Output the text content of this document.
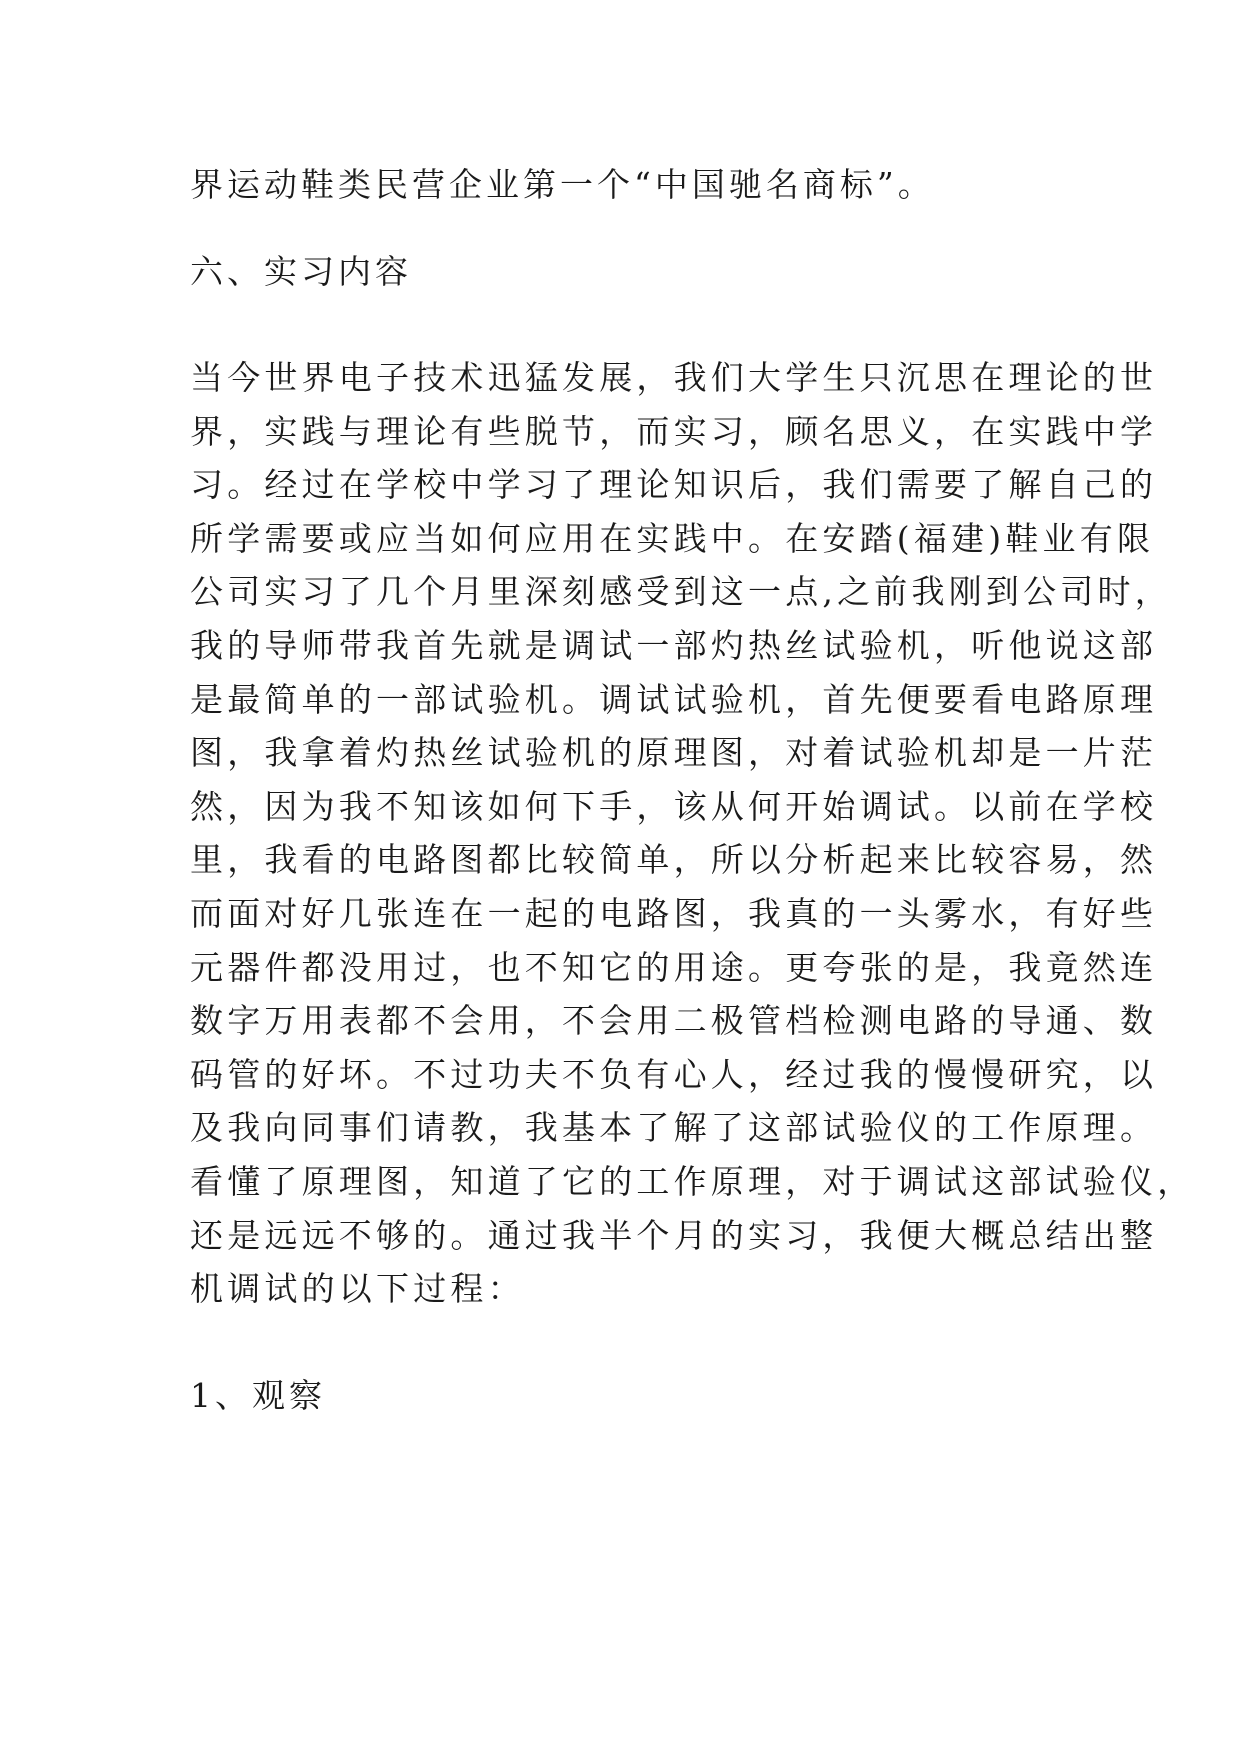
界运动鞋类民营企业第一个“中国驰名商标”。
六、实习内容
当今世界电子技术迅猛发展，我们大学生只沉思在理论的世
界，实践与理论有些脱节，而实习，顾名思义，在实践中学
习。经过在学校中学习了理论知识后，我们需要了解自己的
所学需要或应当如何应用在实践中。在安踏(福建)鞋业有限
公司实习了几个月里深刻感受到这一点,之前我刚到公司时，
我的导师带我首先就是调试一部灼热丝试验机，听他说这部
是最简单的一部试验机。调试试验机，首先便要看电路原理
图，我拿着灼热丝试验机的原理图，对着试验机却是一片茫
然，因为我不知该如何下手，该从何开始调试。以前在学校
里，我看的电路图都比较简单，所以分析起来比较容易，然
而面对好几张连在一起的电路图，我真的一头雾水，有好些
元器件都没用过，也不知它的用途。更夸张的是，我竟然连
数字万用表都不会用，不会用二极管档检测电路的导通、数
码管的好坏。不过功夫不负有心人，经过我的慢慢研究，以
及我向同事们请教，我基本了解了这部试验仪的工作原理。
看懂了原理图，知道了它的工作原理，对于调试这部试验仪，
还是远远不够的。通过我半个月的实习，我便大概总结出整
机调试的以下过程：
1、观察
